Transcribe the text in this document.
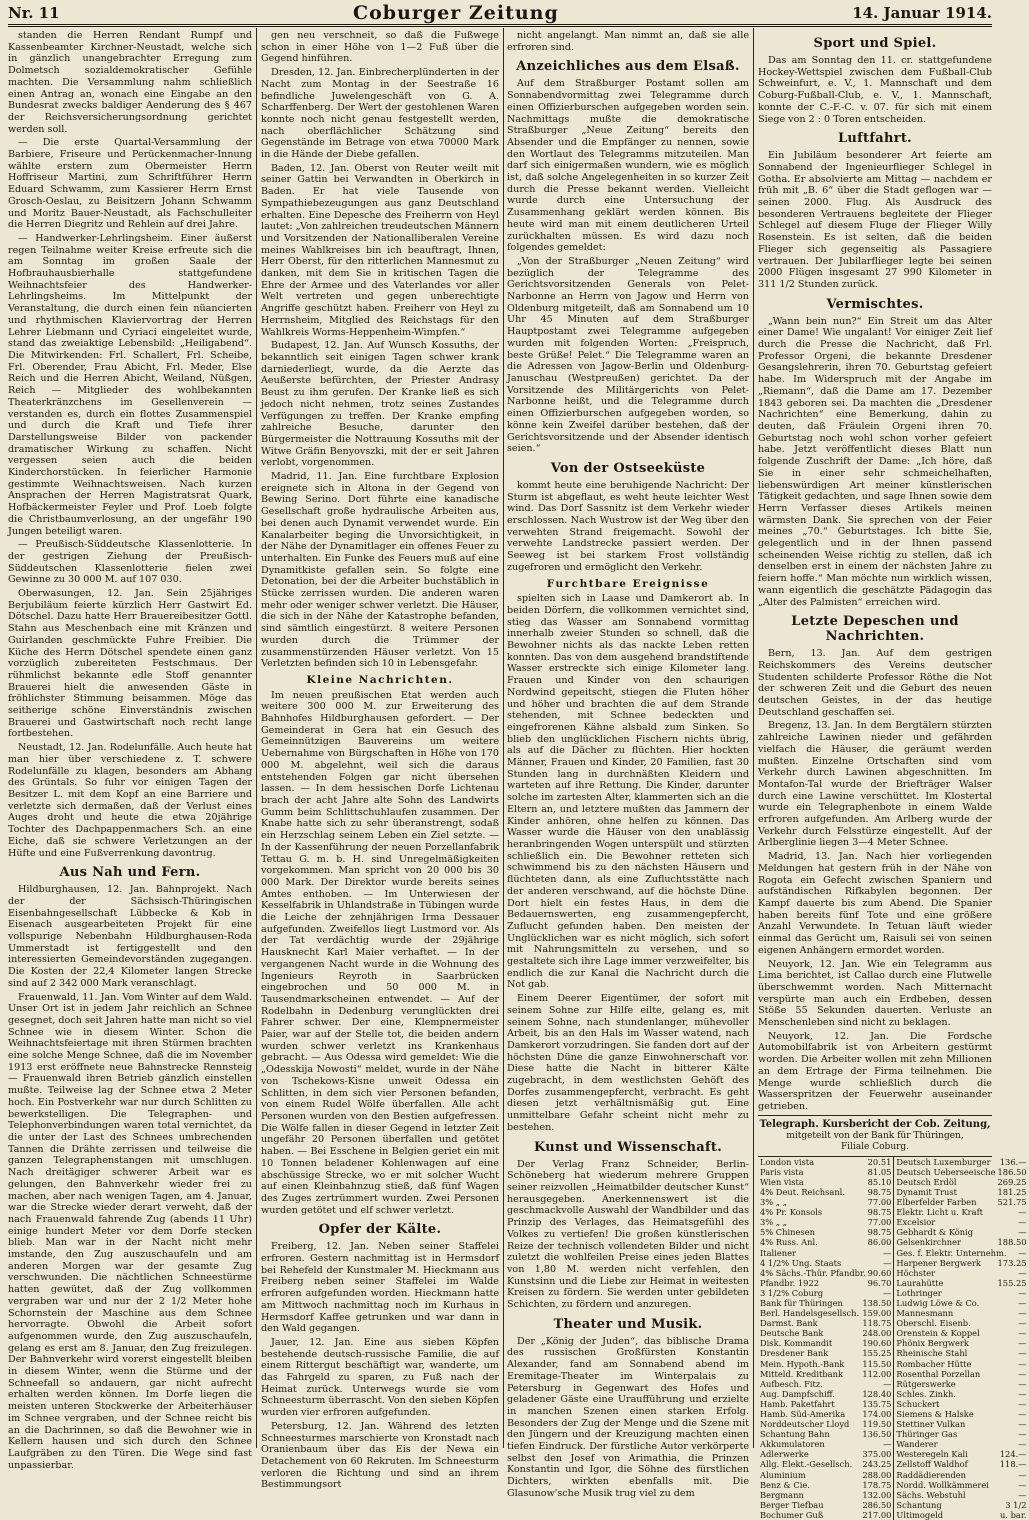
Nr. 11	Coburger Zeitung	14. Januar 1914.

standen die Herren Rendant Rumpf und Kassenbeamter Kirchner-Neustadt, welche sich in gänzlich unangebrachter Erregung zum Dolmetsch sozialdemokratischer Gefühle machten. Die Versammlung nahm schließlich einen Antrag an, wonach eine Eingabe an den Bundesrat zwecks baldiger Aenderung des § 467 der Reichsversicherungsordnung gerichtet werden soll.

— Die erste Quartal-Versammlung der Barbiere, Friseure und Perückenmacher-Innung wählte erstern zum Obermeister Herrn Hoffriseur Martini, zum Schriftführer Herrn Eduard Schwamm, zum Kassierer Herrn Ernst Grosch-Oeslau, zu Beisitzern Johann Schwamm und Moritz Bauer-Neustadt, als Fachschulleiter die Herren Diegritz und Rehlein auf drei Jahre.

— Handwerker-Lehrlingsheim. Einer äußerst regen Teilnahme weiter Kreise erfreute sich die am Sonntag im großen Saale der Hofbrauhausbierhalle stattgefundene Weihnachtsfeier des Handwerker-Lehrlingsheims. Im Mittelpunkt der Veranstaltung, die durch einen fein nüancierten und rhythmischen Klaviervortrag der Herren Lehrer Liebmann und Cyriaci eingeleitet wurde, stand das zweiaktige Lebensbild: „Heiligabend“. Die Mitwirkenden: Frl. Schallert, Frl. Scheibe, Frl. Oberender, Frau Abicht, Frl. Meder, Else Reich und die Herren Abicht, Weiland, Nüßgen, Reich — Mitglieder des wohlbekannten Theaterkränzchens im Gesellenverein — verstanden es, durch ein flottes Zusammenspiel und durch die Kraft und Tiefe ihrer Darstellungsweise Bilder von packender dramatischer Wirkung zu schaffen. Nicht vergessen seien auch die beiden Kinderchorstücken. In feierlicher Harmonie gestimmte Weihnachtsweisen. Nach kurzen Ansprachen der Herren Magistratsrat Quark, Hofbäckermeister Feyler und Prof. Loeb folgte die Christbaumverlosung, an der ungefähr 190 Jungen beteiligt waren.

— Preußisch-Süddeutsche Klassenlotterie. In der gestrigen Ziehung der Preußisch-Süddeutschen Klassenlotterie fielen zwei Gewinne zu 30 000 M. auf 107 030.

Oberwasungen, 12. Jan. Sein 25jähriges Berjubiläum feierte kürzlich Herr Gastwirt Ed. Dötschel. Dazu hatte Herr Brauereibesitzer Gottl. Stahn aus Meschenbach eine mit Kränzen und Guirlanden geschmückte Fuhre Freibier. Die Küche des Herrn Dötschel spendete einen ganz vorzüglich zubereiteten Festschmaus. Der rühmlichst bekannte edle Stoff genannter Brauerei hielt die anwesenden Gäste in fröhlichster Stimmung beisammen. Möge das seitherige schöne Einverständnis zwischen Brauerei und Gastwirtschaft noch recht lange fortbestehen.

Neustadt, 12. Jan. Rodelunfälle. Auch heute hat man hier über verschiedene z. T. schwere Rodelunfälle zu klagen, besonders am Abhang des Grüntals. So fuhr vor einigen Tagen der Besitzer L. mit dem Kopf an eine Barriere und verletzte sich dermaßen, daß der Verlust eines Auges droht und heute die etwa 20jährige Tochter des Dachpappenmachers Sch. an eine Eiche, daß sie schwere Verletzungen an der Hüfte und eine Fußverrenkung davontrug.

Aus Nah und Fern.

Hildburghausen, 12. Jan. Bahnprojekt. Nach der der Sächsisch-Thüringischen Eisenbahngesellschaft Lübbecke & Kob in Eisenach ausgearbeiteten Projekt für eine vollspurige Nebenbahn Hildburghausen-Roda Ummerstadt ist fertiggestellt und den interessierten Gemeindevorständen zugegangen. Die Kosten der 22,4 Kilometer langen Strecke sind auf 2 342 000 Mark veranschlagt.

Frauenwald, 11. Jan. Vom Winter auf dem Wald. Unser Ort ist in jedem Jahr reichlich an Schnee gesegnet, doch seit Jahren hatte man nicht so viel Schnee wie in diesem Winter. Schon die Weihnachtsfeiertage mit ihren Stürmen brachten eine solche Menge Schnee, daß die im November 1913 erst eröffnete neue Bahnstrecke Rennsteig — Frauenwald ihren Betrieb gänzlich einstellen mußte. Teilweise lag der Schnee etwa 2 Meter hoch. Ein Postverkehr war nur durch Schlitten zu bewerkstelligen. Die Telegraphen- und Telephonverbindungen waren total vernichtet, da die unter der Last des Schnees umbrechenden Tannen die Drähte zerrissen und teilweise die ganzen Telegraphenstangen mit umschlugen. Nach dreitägiger schwerer Arbeit war es gelungen, den Bahnverkehr wieder frei zu machen, aber nach wenigen Tagen, am 4. Januar, war die Strecke wieder derart verweht, daß der nach Frauenwald fahrende Zug (abends 11 Uhr) einige hundert Meter vor dem Dorfe stecken blieb. Man war in der Nacht nicht mehr imstande, den Zug auszuschaufeln und am anderen Morgen war der gesamte Zug verschwunden. Die nächtlichen Schneestürme hatten gewütet, daß der Zug vollkommen vergraben war und nur der 2 1/2 Meter hohe Schornstein der Maschine aus dem Schnee hervorragte. Obwohl die Arbeit sofort aufgenommen wurde, den Zug auszuschaufeln, gelang es erst am 8. Januar, den Zug freizulegen. Der Bahnverkehr wird vorerst eingestellt bleiben in diesem Winter, wenn die Stürme und der Schneefall so andauern, gar nicht aufrecht erhalten werden können. Im Dorfe liegen die meisten unteren Stockwerke der Arbeiterhäuser im Schnee vergraben, und der Schnee reicht bis an die Dachrinnen, so daß die Bewohner wie in Kellern hausen und sich durch den Schnee Laufgräben zu den Türen. Die Wege sind fast unpassierbar.

gen neu verschneit, so daß die Fußwege schon in einer Höhe von 1—2 Fuß über die Gegend hinführen.

Dresden, 12. Jan. Einbrecherplünderten in der Nacht zum Montag in der Seestraße 16 befindliche Juwelengeschäft von G. A. Scharffenberg. Der Wert der gestohlenen Waren konnte noch nicht genau festgestellt werden, nach oberflächlicher Schätzung sind Gegenstände im Betrage von etwa 70000 Mark in die Hände der Diebe gefallen.

Baden, 12. Jan. Oberst von Reuter weilt mit seiner Gattin bei Verwandten in Oberkirch in Baden. Er hat viele Tausende von Sympathiebezeugungen aus ganz Deutschland erhalten. Eine Depesche des Freiherrn von Heyl lautet: „Von zahlreichen treudeutschen Männern und Vorsitzenden der Nationalliberalen Vereine meines Wahlkreises bin ich beauftragt, Ihnen, Herr Oberst, für den ritterlichen Mannesmut zu danken, mit dem Sie in kritischen Tagen die Ehre der Armee und des Vaterlandes vor aller Welt vertreten und gegen unberechtigte Angriffe geschützt haben. Freiherr von Heyl zu Herrnsheim, Mitglied des Reichstags für den Wahlkreis Worms-Heppenheim-Wimpfen.“

Budapest, 12. Jan. Auf Wunsch Kossuths, der bekanntlich seit einigen Tagen schwer krank darniederliegt, wurde, da die Aerzte das Aeußerste befürchten, der Priester Andrasy Beust zu ihm gerufen. Der Kranke ließ es sich jedoch nicht nehmen, trotz seines Zustandes Verfügungen zu treffen. Der Kranke empfing zahlreiche Besuche, darunter den Bürgermeister die Nottrauung Kossuths mit der Witwe Gräfin Benyovszki, mit der er seit Jahren verlobt, vorgenommen.

Madrid, 11. Jan. Eine furchtbare Explosion ereignete sich in Altona in der Gegend von Bewing Serino. Dort führte eine kanadische Gesellschaft große hydraulische Arbeiten aus, bei denen auch Dynamit verwendet wurde. Ein Kanalarbeiter beging die Unvorsichtigkeit, in der Nähe der Dynamitlager ein offenes Feuer zu unterhalten. Ein Funke des Feuers muß auf eine Dynamitkiste gefallen sein. So folgte eine Detonation, bei der die Arbeiter buchstäblich in Stücke zerrissen wurden. Die anderen waren mehr oder weniger schwer verletzt. Die Häuser, die sich in der Nähe der Katastrophe befanden, sind sämtlich eingestürzt. 8 weitere Personen wurden durch die Trümmer der zusammenstürzenden Häuser verletzt. Von 15 Verletzten befinden sich 10 in Lebensgefahr.

Kleine Nachrichten.

Im neuen preußischen Etat werden auch weitere 300 000 M. zur Erweiterung des Bahnhofes Hildburghausen gefordert. — Der Gemeinderat in Gera hat ein Gesuch des Gemeinnützigen Bauvereins um weitere Uebernahme von Bürgschaften in Höhe von 170 000 M. abgelehnt, weil sich die daraus entstehenden Folgen gar nicht übersehen lassen. — In dem hessischen Dorfe Lichtenau brach der acht Jahre alte Sohn des Landwirts Gumm beim Schlittschuhlaufen zusammen. Der Knabe hatte sich zu sehr überanstrengt, sodaß ein Herzschlag seinem Leben ein Ziel setzte. — In der Kassenführung der neuen Porzellanfabrik Tettau G. m. b. H. sind Unregelmäßigkeiten vorgekommen. Man spricht von 20 000 bis 30 000 Mark. Der Direktor wurde bereits seines Amtes enthoben. — Im Unterwiesen der Kesselfabrik in Uhlandstraße in Tübingen wurde die Leiche der zehnjährigen Irma Dessauer aufgefunden. Zweifellos liegt Lustmord vor. Als der Tat verdächtig wurde der 29jährige Hausknecht Karl Maier verhaftet. — In der vergangenen Nacht wurde in die Wohnung des Ingenieurs Reyroth in Saarbrücken eingebrochen und 50 000 M. in Tausendmarkscheinen entwendet. — Auf der Rodelbahn in Dedenburg verunglückten drei Fahrer schwer. Der eine, Klempnermeister Paier, war auf der Stelle tot, die beiden andern wurden schwer verletzt ins Krankenhaus gebracht. — Aus Odessa wird gemeldet: Wie die „Odesskija Nowosti“ meldet, wurde in der Nähe von Tschekows-Kisne unweit Odessa ein Schlitten, in dem sich vier Personen befanden, von einem Rudel Wölfe überfallen. Alle acht Personen wurden von den Bestien aufgefressen. Die Wölfe fallen in dieser Gegend in letzter Zeit ungefähr 20 Personen überfallen und getötet haben. — Bei Esschene in Belgien geriet ein mit 10 Tonnen beladener Kohlenwagen auf eine abschüssige Strecke, wo er mit solcher Wucht auf einen Kleinbahnzug stieß, daß fünf Wagen des Zuges zertrümmert wurden. Zwei Personen wurden getötet und elf schwer verletzt.

Opfer der Kälte.

Freiberg, 12. Jan. Neben seiner Staffelei erfroren. Gestern nachmittag ist in Hermsdorf bei Rehefeld der Kunstmaler M. Hieckmann aus Freiberg neben seiner Staffelei im Walde erfroren aufgefunden worden. Hieckmann hatte am Mittwoch nachmittag noch im Kurhaus in Hermsdorf Kaffee getrunken und war dann in den Wald gegangen.

Jauer, 12. Jan. Eine aus sieben Köpfen bestehende deutsch-russische Familie, die auf einem Rittergut beschäftigt war, wanderte, um das Fahrgeld zu sparen, zu Fuß nach der Heimat zurück. Unterwegs wurde sie vom Schneesturm überrascht. Von den sieben Köpfen wurden vier erfroren aufgefunden.

Petersburg, 12. Jan. Während des letzten Schneesturmes marschierte von Kronstadt nach Oranienbaum über das Eis der Newa ein Detachement von 60 Rekruten. Im Schneesturm verloren die Richtung und sind an ihrem Bestimmungsort

nicht angelangt. Man nimmt an, daß sie alle erfroren sind.

Anzeichliches aus dem Elsaß.

Auf dem Straßburger Postamt sollen am Sonnabendvormittag zwei Telegramme durch einen Offizierburschen aufgegeben worden sein. Nachmittags mußte die demokratische Straßburger „Neue Zeitung“ bereits den Absender und die Empfänger zu nennen, sowie den Wortlaut des Telegramms mitzuteilen. Man darf sich einigermaßen wundern, wie es möglich ist, daß solche Angelegenheiten in so kurzer Zeit durch die Presse bekannt werden. Vielleicht wurde durch eine Untersuchung der Zusammenhang geklärt werden können. Bis heute wird man mit einem deutlicheren Urteil zurückhalten müssen. Es wird dazu noch folgendes gemeldet:

„Von der Straßburger „Neuen Zeitung“ wird bezüglich der Telegramme des Gerichtsvorsitzenden Generals von Pelet-Narbonne an Herrn von Jagow und Herrn von Oldenburg mitgeteilt, daß am Sonnabend um 10 Uhr 45 Minuten auf dem Straßburger Hauptpostamt zwei Telegramme aufgegeben wurden mit folgenden Worten: „Freispruch, beste Grüße! Pelet.“ Die Telegramme waren an die Adressen von Jagow-Berlin und Oldenburg-Januschau (Westpreußen) gerichtet. Da der Vorsitzende des Militärgerichts von Pelet-Narbonne heißt, und die Telegramme durch einen Offizierburschen aufgegeben worden, so könne kein Zweifel darüber bestehen, daß der Gerichtsvorsitzende und der Absender identisch seien.“

Von der Ostseeküste

kommt heute eine beruhigende Nachricht: Der Sturm ist abgeflaut, es weht heute leichter West wind. Das Dorf Sassnitz ist dem Verkehr wieder erschlossen. Nach Wustrow ist der Weg über den verwehten Strand freigemacht. Sowohl der verwehte Landstrecke passiert werden. Der Seeweg ist bei starkem Frost vollständig zugefroren und ermöglicht den Verkehr.

Furchtbare Ereignisse

spielten sich in Laase und Damkerort ab. In beiden Dörfern, die vollkommen vernichtet sind, stieg das Wasser am Sonnabend vormittag innerhalb zweier Stunden so schnell, daß die Bewohner nichts als das nackte Leben retten konnten. Das von dem ausgehend brandstiftende Wasser erstreckte sich einige Kilometer lang. Frauen und Kinder von den schaurigen Nordwind gepeitscht, stiegen die Fluten höher und höher und brachten die auf dem Strande stehenden, mit Schnee bedeckten und eingefrorenen Kähne alsbald zum Sinken. So blieb den unglücklichen Fischern nichts übrig, als auf die Dächer zu flüchten. Hier hockten Männer, Frauen und Kinder, 20 Familien, fast 30 Stunden lang in durchnäßten Kleidern und warteten auf ihre Rettung. Die Kinder, darunter solche im zartesten Alter, klammerten sich an die Eltern an, und letztere mußten das Jammern der Kinder anhören, ohne helfen zu können. Das Wasser wurde die Häuser von den unablässig heranbringenden Wogen unterspült und stürzten schließlich ein. Die Bewohner retteten sich schwimmend bis zu den nächsten Häusern und flüchteten dann, als eine Zufluchtsstätte nach der anderen verschwand, auf die höchste Düne. Dort hielt ein festes Haus, in dem die Bedauernswerten, eng zusammengepfercht, Zuflucht gefunden haben. Den meisten der Unglücklichen war es nicht möglich, sich sofort mit Nahrungsmitteln zu versehen, und so gestaltete sich ihre Lage immer verzweifelter, bis endlich die zur Kanal die Nachricht durch die Not gab.

Einem Deerer Eigentümer, der sofort mit seinem Sohne zur Hilfe eilte, gelang es, mit seinem Sohne, nach stundenlanger, mühevoller Arbeit, bis an den Hals im Wasser watend, nach Damkerort vorzudringen. Sie fanden dort auf der höchsten Düne die ganze Einwohnerschaft vor. Diese hatte die Nacht in bitterer Kälte zugebracht, in dem westlichsten Gehöft des Dorfes zusammengepfercht, verbracht. Es geht diesen jetzt verhältnismäßig gut. Eine unmittelbare Gefahr scheint nicht mehr zu bestehen.

Kunst und Wissenschaft.

Der Verlag Franz Schneider, Berlin-Schöneberg hat wiederum mehrere Gruppen seiner reizvollen „Heimatbilder deutscher Kunst“ herausgegeben. Anerkennenswert ist die geschmackvolle Auswahl der Wandbilder und das Prinzip des Verlages, das Heimatsgefühl des Volkes zu vertiefen! Die großen künstlerischen Reize der technisch vollendeten Bilder und nicht zuletzt die wohlfeilen Preise eines jeden Blattes von 1,80 M. werden nicht verfehlen, den Kunstsinn und die Liebe zur Heimat in weitesten Kreisen zu fördern. Sie werden unter gebildeten Schichten, zu fördern und anzuregen.

Theater und Musik.

Der „König der Juden“, das biblische Drama des russischen Großfürsten Konstantin Alexander, fand am Sonnabend abend im Eremitage-Theater im Winterpalais zu Petersburg in Gegenwart des Hofes und geladener Gäste eine Uraufführung und erzielte in manchen Szenen einen starken Erfolg. Besonders der Zug der Menge und die Szene mit den Jüngern und der Kreuzigung machten einen tiefen Eindruck. Der fürstliche Autor verkörperte selbst den Josef von Arimathia, die Prinzen Konstantin und Igor, die Söhne des fürstlichen Dichters, wirkten ebenfalls mit. Die Glasunow'sche Musik trug viel zu dem

Sport und Spiel.

Das am Sonntag den 11. cr. stattgefundene Hockey-Wettspiel zwischen dem Fußball-Club Schweinfurt, e. V., 1. Mannschaft und dem Coburg-Fußball-Club, e. V., 1. Mannschaft, konnte der C.-F.-C. v. 07. für sich mit einem Siege von 2 : 0 Toren entscheiden.

Luftfahrt.

Ein Jubiläum besonderer Art feierte am Sonnabend der Ingenieurflieger Schlegel in Gotha. Er absolvierte am Mittag — nachdem er früh mit „B. 6“ über die Stadt geflogen war — seinen 2000. Flug. Als Ausdruck des besonderen Vertrauens begleitete der Flieger Schlegel auf diesem Fluge der Flieger Willy Rosenstein. Es ist selten, daß die beiden Flieger sich gegenseitig als Passagiere vertrauen. Der Jubilarflieger legte bei seinen 2000 Flügen insgesamt 27 990 Kilometer in 311 1/2 Stunden zurück.

Vermischtes.

„Wann bein nun?“ Ein Streit um das Alter einer Dame! Wie ungalant! Vor einiger Zeit lief durch die Presse die Nachricht, daß Frl. Professor Orgeni, die bekannte Dresdener Gesangslehrerin, ihren 70. Geburtstag gefeiert habe. Im Widerspruch mit der Angabe im „Riemann“, daß die Dame am 17. Dezember 1843 geboren sei. Da machten die „Dresdener Nachrichten“ eine Bemerkung, dahin zu deuten, daß Fräulein Orgeni ihren 70. Geburtstag noch wohl schon vorher gefeiert habe. Jetzt veröffentlicht dieses Blatt nun folgende Zuschrift der Dame: „Ich höre, daß Sie in einer sehr schmeichelhaften, liebenswürdigen Art meiner künstlerischen Tätigkeit gedachten, und sage Ihnen sowie dem Herrn Verfasser dieses Artikels meinen wärmsten Dank. Sie sprechen von der Feier meines „70.“ Geburtstages. Ich bitte Sie, gelegentlich und in der Ihnen passend scheinenden Weise richtig zu stellen, daß ich denselben erst in einem der nächsten Jahre zu feiern hoffe.“ Man möchte nun wirklich wissen, wann eigentlich die geschätzte Pädagogin das „Alter des Palmisten“ erreichen wird.

Letzte Depeschen und Nachrichten.

Bern, 13. Jan. Auf dem gestrigen Reichskommers des Vereins deutscher Studenten schilderte Professor Röthe die Not der schweren Zeit und die Geburt des neuen deutschen Geistes, in der das heutige Deutschland geschaffen sei.

Bregenz, 13. Jan. In dem Bergtälern stürzten zahlreiche Lawinen nieder und gefährden vielfach die Häuser, die geräumt werden mußten. Einzelne Ortschaften sind vom Verkehr durch Lawinen abgeschnitten. Im Montafon-Tal wurde der Briefträger Walser durch eine Lawine verschüttet. Im Klostertal wurde ein Telegraphenbote in einem Walde erfroren aufgefunden. Am Arlberg wurde der Verkehr durch Felsstürze eingestellt. Auf der Arlberglinie liegen 3—4 Meter Schnee.

Madrid, 13. Jan. Nach hier vorliegenden Meldungen hat gestern früh in der Nähe von Rogota ein Gefecht zwischen Spaniern und aufständischen Rifkabylen begonnen. Der Kampf dauerte bis zum Abend. Die Spanier haben bereits fünf Tote und eine größere Anzahl Verwundete. In Tetuan läuft wieder einmal das Gerücht um, Raisuli sei von seinen eigenen Anhängern ermordet worden.

Neuyork, 12. Jan. Wie ein Telegramm aus Lima berichtet, ist Callao durch eine Flutwelle überschwemmt worden. Nach Mitternacht verspürte man auch ein Erdbeben, dessen Stöße 55 Sekunden dauerten. Verluste an Menschenleben sind nicht zu beklagen.

Neuyork, 12. Jan. Die Fordsche Automobilfabrik ist von Arbeitern gestürmt worden. Die Arbeiter wollen mit zehn Millionen an dem Ertrage der Firma teilnehmen. Die Menge wurde schließlich durch die Wasserspritzen der Feuerwehr auseinander getrieben.

Telegraph. Kursbericht der Cob. Zeitung,
mitgeteilt von der Bank für Thüringen,
Filiale Coburg.
London vista	20.51
Paris vista	81.05
Wien vista	85.10
4% Deut. Reichsanl.	98.75
3% „ „	77.00
4% Pr. Konsols	98.75
3% „ „	77.00
5% Chinesen	98.75
4% Russ. Anl.	86.00
Italiener	—
4 1/2% Ung. Staats	—
4% Sächs.-Thür. Pfandbr. 90.60
Pfandbr. 1922	96.70
3 1/2% Coburg	—
Bank für Thüringen 138.50
Berl. Handelsgesellsch. 159.00
Darmst. Bank	118.75
Deutsche Bank	248.00
Disk. Kommandit	190.60
Dresdener Bank	155.25
Mein. Hypoth.-Bank 115.50
Mitteld. Kreditbank 112.00
Aufbesch. Fitz.	—
Aug. Dampfschiff.	128.40
Hamb. Paketfahrt	135.75
Hamb. Süd-Amerika 174.00
Norddeutscher Lloyd 119.50
Schantung Bahn	136.50
Akkumulatoren	—
Adlerwerke	375.00
Allg. Elekt.-Gesellsch. 243.25
Aluminium	288.00
Benz & Cie.	178.75
Bergmann	132.00
Berger Tiefbau	286.50
Bochumer Guß	217.00
Deutsch Luxemburger 136.—
Deutsch Ueberseeische 186.50
Deutsch Erdöl	269.25
Dynamit Trust	181.25
Elberfelder Farben	521.75
Elektr. Licht u. Kraft	—
Excelsior	—
Gebhardt & König	—
Gelsenkirchner	188.50
Ges. f. Elektr. Unternehm. —
Harpener Bergwerk 173.25
Höchster	—
Laurahütte	155.25
Lothringer	—
Ludwig Löwe & Co.	—
Mannesmann	—
Oberschl. Eisenb.	—
Orenstein & Koppel	—
Phönix Bergwerk	—
Rheinische Stahl	—
Rombacher Hütte	—
Rosenthal Porzellan	—
Rütgerswerke	—
Schles. Zinkh.	—
Schuckert	—
Siemens & Halske	—
Stettiner Vulkan	—
Thüringer Gas	—
Wanderer	—
Westeregeln Kali	124.—
Zellstoff Waldhof	118.—
Raddädierenden	—
Nordd. Wollkämmerei	—
Sächs. Webstuhl	—
Schantung	3 1/2
Ultimogeld	u. bar.
